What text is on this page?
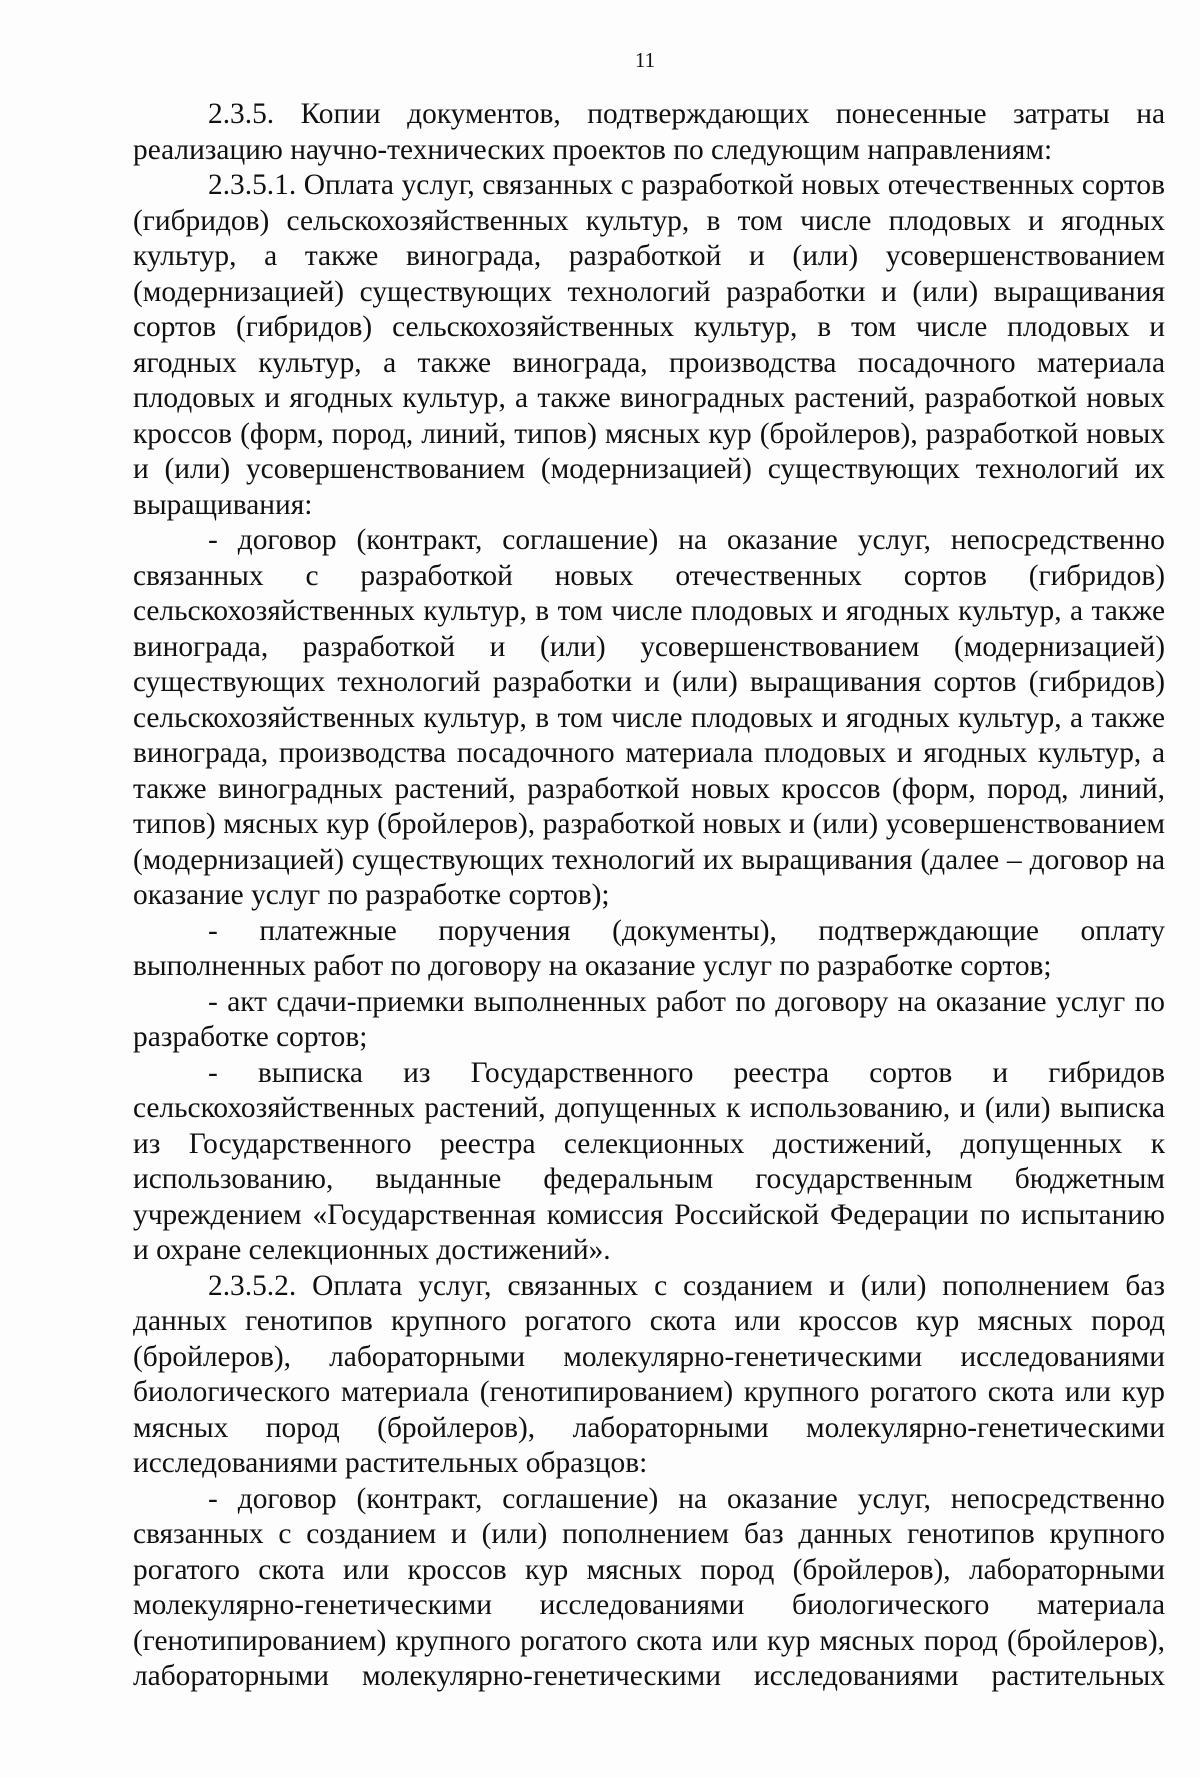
11

2.3.5. Копии документов, подтверждающих понесенные затраты на реализацию научно-технических проектов по следующим направлениям:

2.3.5.1. Оплата услуг, связанных с разработкой новых отечественных сортов (гибридов) сельскохозяйственных культур, в том числе плодовых и ягодных культур, а также винограда, разработкой и (или) усовершенствованием (модернизацией) существующих технологий разработки и (или) выращивания сортов (гибридов) сельскохозяйственных культур, в том числе плодовых и ягодных культур, а также винограда, производства посадочного материала плодовых и ягодных культур, а также виноградных растений, разработкой новых кроссов (форм, пород, линий, типов) мясных кур (бройлеров), разработкой новых и (или) усовершенствованием (модернизацией) существующих технологий их выращивания:

- договор (контракт, соглашение) на оказание услуг, непосредственно связанных с разработкой новых отечественных сортов (гибридов) сельскохозяйственных культур, в том числе плодовых и ягодных культур, а также винограда, разработкой и (или) усовершенствованием (модернизацией) существующих технологий разработки и (или) выращивания сортов (гибридов) сельскохозяйственных культур, в том числе плодовых и ягодных культур, а также винограда, производства посадочного материала плодовых и ягодных культур, а также виноградных растений, разработкой новых кроссов (форм, пород, линий, типов) мясных кур (бройлеров), разработкой новых и (или) усовершенствованием (модернизацией) существующих технологий их выращивания (далее – договор на оказание услуг по разработке сортов);

- платежные поручения (документы), подтверждающие оплату выполненных работ по договору на оказание услуг по разработке сортов;

- акт сдачи-приемки выполненных работ по договору на оказание услуг по разработке сортов;

- выписка из Государственного реестра сортов и гибридов сельскохозяйственных растений, допущенных к использованию, и (или) выписка из Государственного реестра селекционных достижений, допущенных к использованию, выданные федеральным государственным бюджетным учреждением «Государственная комиссия Российской Федерации по испытанию и охране селекционных достижений».

2.3.5.2. Оплата услуг, связанных с созданием и (или) пополнением баз данных генотипов крупного рогатого скота или кроссов кур мясных пород (бройлеров), лабораторными молекулярно-генетическими исследованиями биологического материала (генотипированием) крупного рогатого скота или кур мясных пород (бройлеров), лабораторными молекулярно-генетическими исследованиями растительных образцов:

- договор (контракт, соглашение) на оказание услуг, непосредственно связанных с созданием и (или) пополнением баз данных генотипов крупного рогатого скота или кроссов кур мясных пород (бройлеров), лабораторными молекулярно-генетическими исследованиями биологического материала (генотипированием) крупного рогатого скота или кур мясных пород (бройлеров), лабораторными молекулярно-генетическими исследованиями растительных
